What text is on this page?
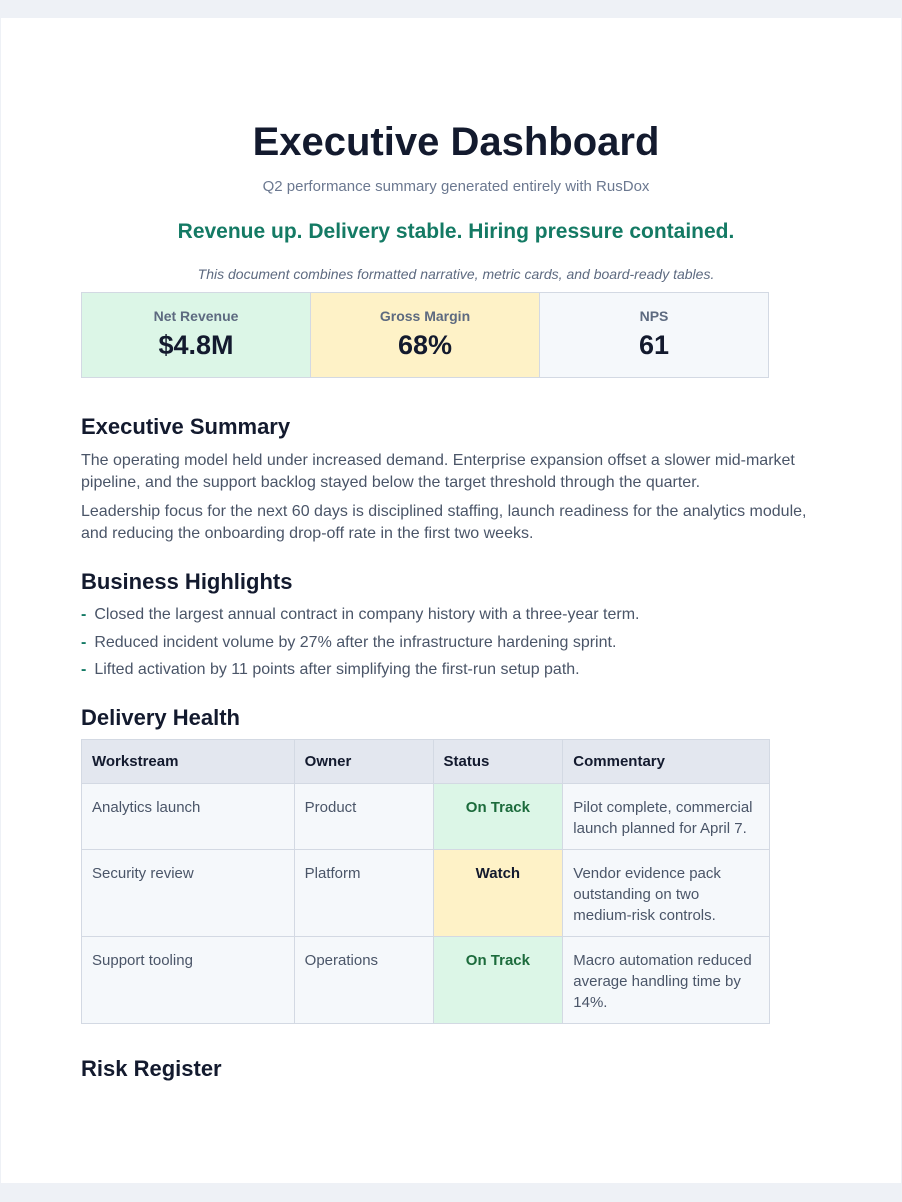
Executive Dashboard
Q2 performance summary generated entirely with RusDox
Revenue up. Delivery stable. Hiring pressure contained.
This document combines formatted narrative, metric cards, and board-ready tables.
Net Revenue
$4.8M
Gross Margin
68%
NPS
61
Executive Summary

The operating model held under increased demand. Enterprise expansion offset a slower mid-market pipeline, and the support backlog stayed below the target threshold through the quarter.

Leadership focus for the next 60 days is disciplined staffing, launch readiness for the analytics module, and reducing the onboarding drop-off rate in the first two weeks.

Business Highlights
- Closed the largest annual contract in company history with a three-year term.
- Reduced incident volume by 27% after the infrastructure hardening sprint.
- Lifted activation by 11 points after simplifying the first-run setup path.
Delivery Health
Workstream	Owner	Status	Commentary
Analytics launch	Product	On Track	Pilot complete, commercial launch planned for April 7.
Security review	Platform	Watch	Vendor evidence pack outstanding on two medium-risk controls.
Support tooling	Operations	On Track	Macro automation reduced average handling time by 14%.
Risk Register
